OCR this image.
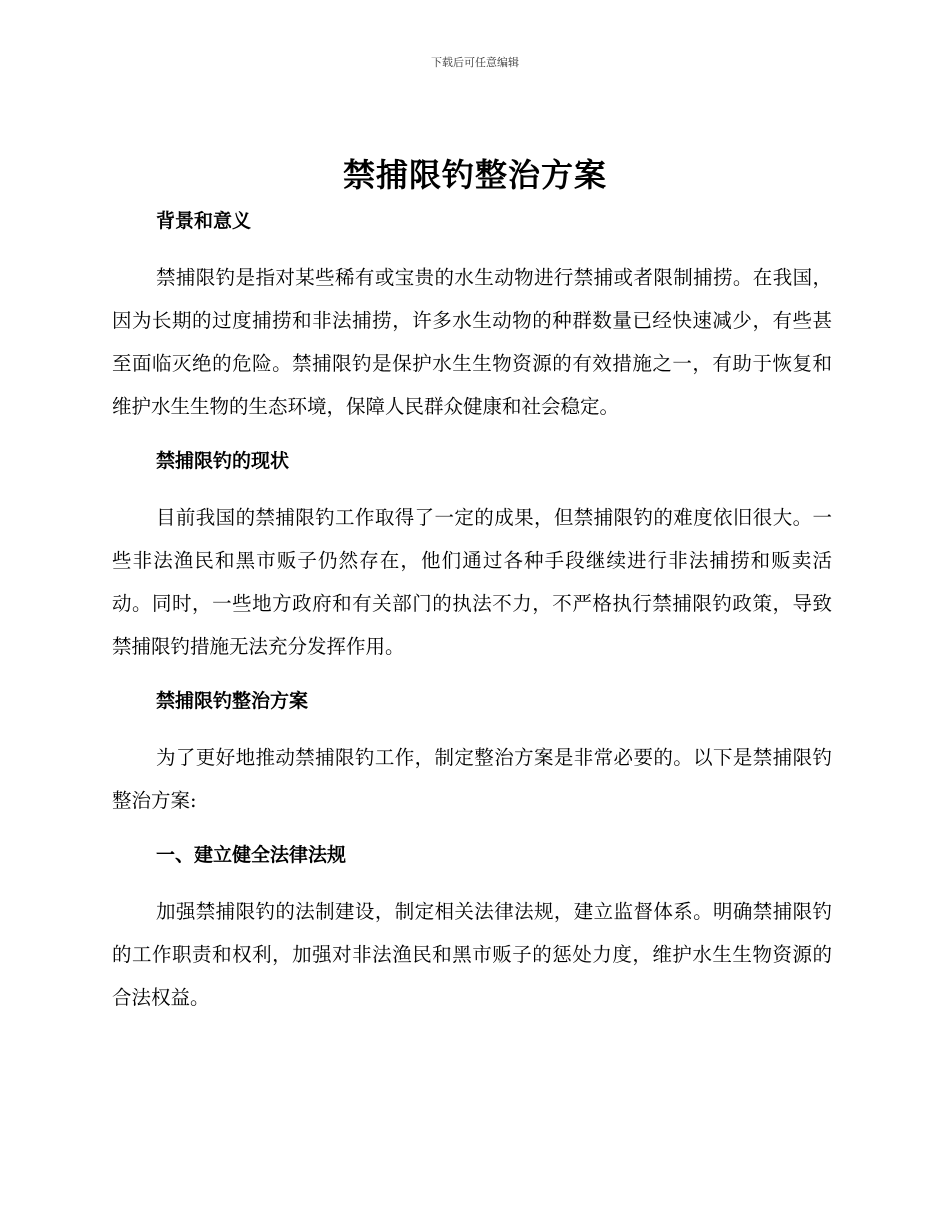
下载后可任意编辑
禁捕限钓整治方案
背景和意义

禁捕限钓是指对某些稀有或宝贵的水生动物进行禁捕或者限制捕捞。在我国，因为长期的过度捕捞和非法捕捞，许多水生动物的种群数量已经快速减少，有些甚至面临灭绝的危险。禁捕限钓是保护水生生物资源的有效措施之一，有助于恢复和维护水生生物的生态环境，保障人民群众健康和社会稳定。

禁捕限钓的现状

目前我国的禁捕限钓工作取得了一定的成果，但禁捕限钓的难度依旧很大。一些非法渔民和黑市贩子仍然存在，他们通过各种手段继续进行非法捕捞和贩卖活动。同时，一些地方政府和有关部门的执法不力，不严格执行禁捕限钓政策，导致禁捕限钓措施无法充分发挥作用。

禁捕限钓整治方案

为了更好地推动禁捕限钓工作，制定整治方案是非常必要的。以下是禁捕限钓整治方案:

一、建立健全法律法规

加强禁捕限钓的法制建设，制定相关法律法规，建立监督体系。明确禁捕限钓的工作职责和权利，加强对非法渔民和黑市贩子的惩处力度，维护水生生物资源的合法权益。
